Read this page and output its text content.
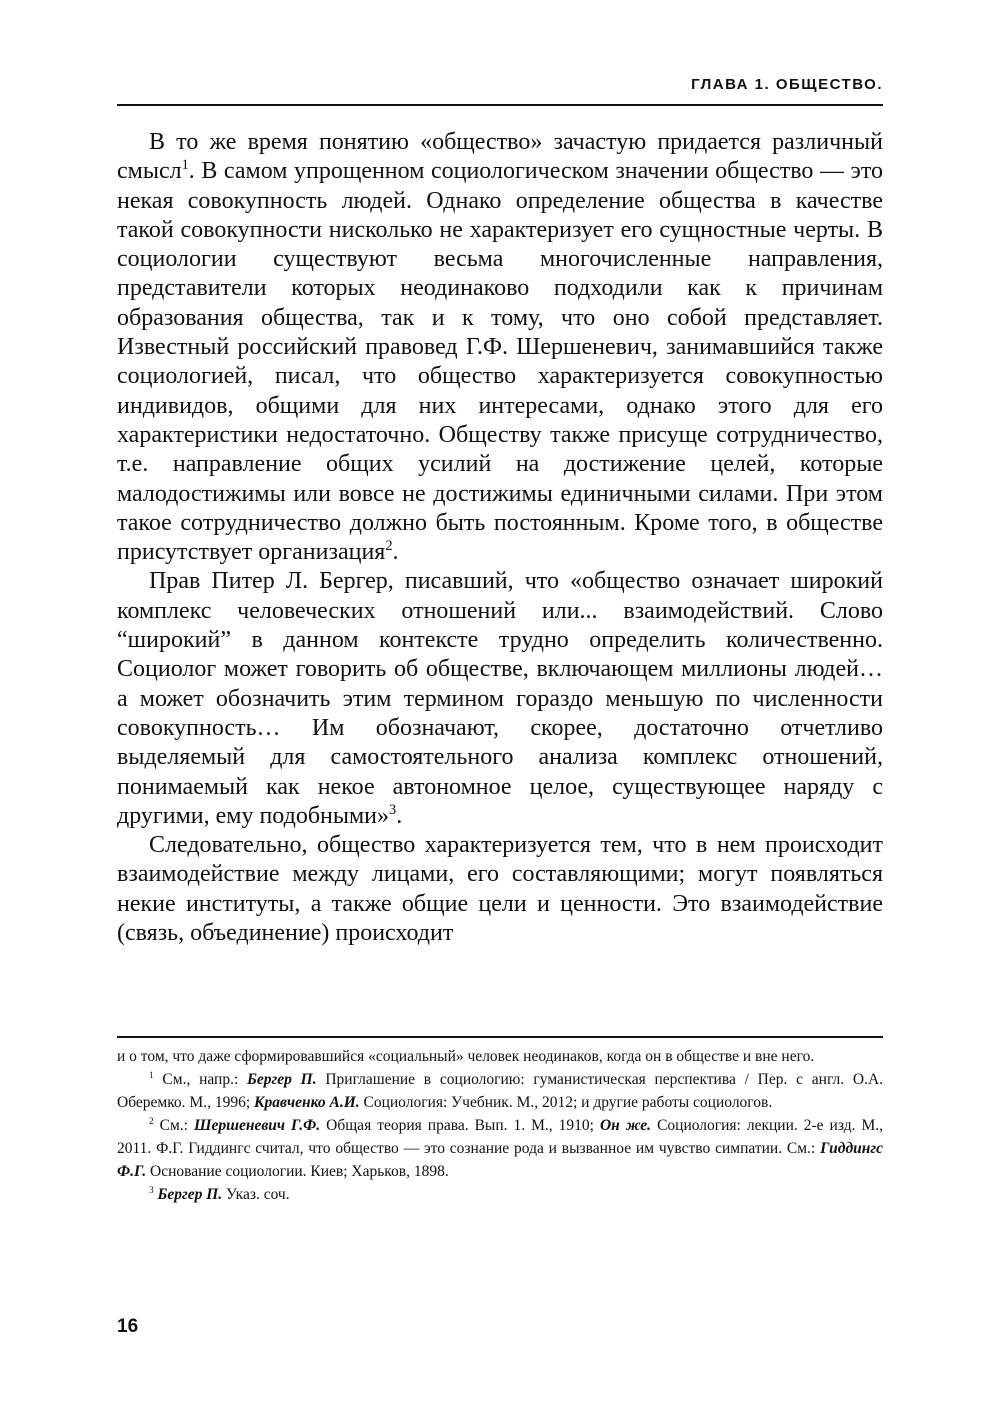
ГЛАВА 1. ОБЩЕСТВО.

В то же время понятию «общество» зачастую придается различный смысл$^1$. В самом упрощенном социологическом значении общество — это некая совокупность людей. Однако определение общества в качестве такой совокупности нисколько не характеризует его сущностные черты. В социологии существуют весьма многочисленные направления, представители которых неодинаково подходили как к причинам образования общества, так и к тому, что оно собой представляет. Известный российский правовед Г.Ф. Шершеневич, занимавшийся также социологией, писал, что общество характеризуется совокупностью индивидов, общими для них интересами, однако этого для его характеристики недостаточно. Обществу также присуще сотрудничество, т.е. направление общих усилий на достижение целей, которые малодостижимы или вовсе не достижимы единичными силами. При этом такое сотрудничество должно быть постоянным. Кроме того, в обществе присутствует организация$^2$.

Прав Питер Л. Бергер, писавший, что «общество означает широкий комплекс человеческих отношений или... взаимодействий. Слово “широкий” в данном контексте трудно определить количественно. Социолог может говорить об обществе, включающем миллионы людей… а может обозначить этим термином гораздо меньшую по численности совокупность… Им обозначают, скорее, достаточно отчетливо выделяемый для самостоятельного анализа комплекс отношений, понимаемый как некое автономное целое, существующее наряду с другими, ему подобными»$^3$.

Следовательно, общество характеризуется тем, что в нем происходит взаимодействие между лицами, его составляющими; могут появляться некие институты, а также общие цели и ценности. Это взаимодействие (связь, объединение) происходит

и о том, что даже сформировавшийся «социальный» человек неодинаков, когда он в обществе и вне него.

$^1$ См., напр.: Бергер П. Приглашение в социологию: гуманистическая перспектива / Пер. с англ. О.А. Оберемко. М., 1996; Кравченко А.И. Социология: Учебник. М., 2012; и другие работы социологов.

$^2$ См.: Шершеневич Г.Ф. Общая теория права. Вып. 1. М., 1910; Он же. Социология: лекции. 2-е изд. М., 2011. Ф.Г. Гиддингс считал, что общество — это сознание рода и вызванное им чувство симпатии. См.: Гиддингс Ф.Г. Основание социологии. Киев; Харьков, 1898.

$^3$ Бергер П. Указ. соч.

16
